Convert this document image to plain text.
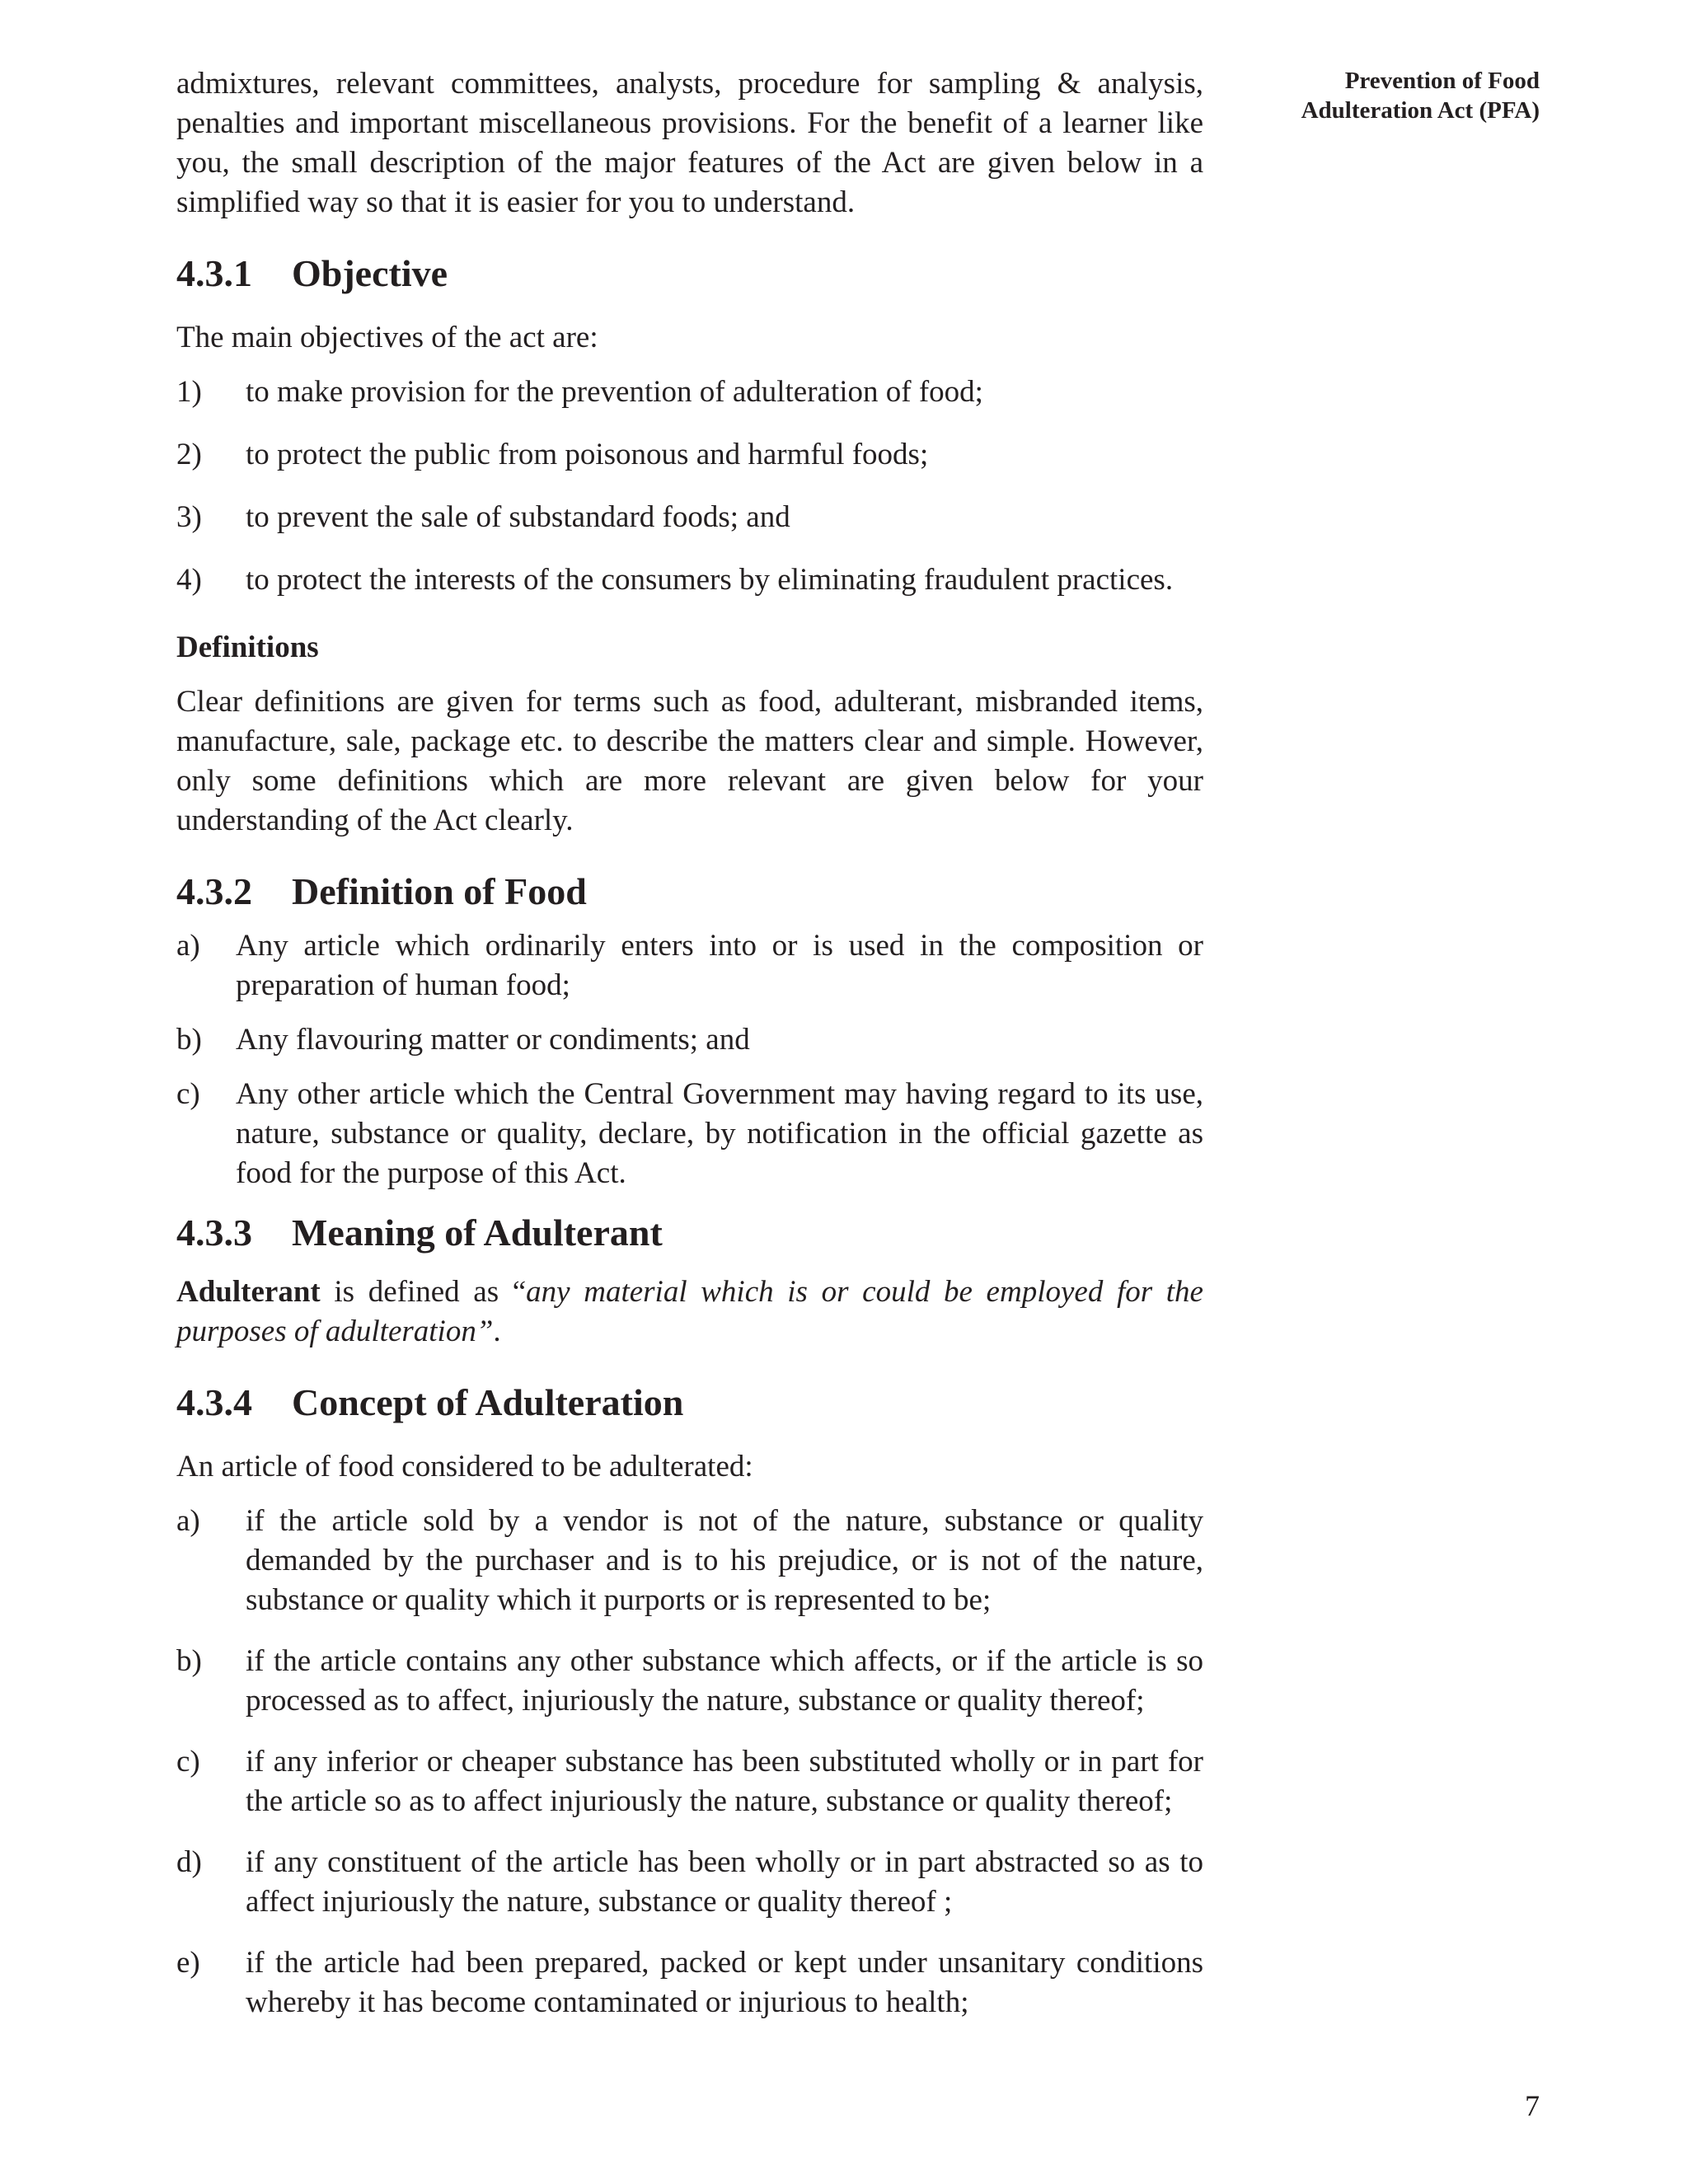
Prevention of Food
Adulteration Act (PFA)
7

admixtures, relevant committees, analysts, procedure for sampling & analysis, penalties and important miscellaneous provisions. For the benefit of a learner like you, the small description of the major features of the Act are given below in a simplified way so that it is easier for you to understand.

4.3.1 Objective

The main objectives of the act are:

1) to make provision for the prevention of adulteration of food;
2) to protect the public from poisonous and harmful foods;
3) to prevent the sale of substandard foods; and
4) to protect the interests of the consumers by eliminating fraudulent practices.
Definitions

Clear definitions are given for terms such as food, adulterant, misbranded items, manufacture, sale, package etc. to describe the matters clear and simple. However, only some definitions which are more relevant are given below for your understanding of the Act clearly.

4.3.2 Definition of Food
a) Any article which ordinarily enters into or is used in the composition or preparation of human food;
b) Any flavouring matter or condiments; and
c) Any other article which the Central Government may having regard to its use, nature, substance or quality, declare, by notification in the official gazette as food for the purpose of this Act.
4.3.3 Meaning of Adulterant

Adulterant is defined as “any material which is or could be employed for the purposes of adulteration”.

4.3.4 Concept of Adulteration

An article of food considered to be adulterated:

a) if the article sold by a vendor is not of the nature, substance or quality demanded by the purchaser and is to his prejudice, or is not of the nature, substance or quality which it purports or is represented to be;
b) if the article contains any other substance which affects, or if the article is so processed as to affect, injuriously the nature, substance or quality thereof;
c) if any inferior or cheaper substance has been substituted wholly or in part for the article so as to affect injuriously the nature, substance or quality thereof;
d) if any constituent of the article has been wholly or in part abstracted so as to affect injuriously the nature, substance or quality thereof ;
e) if the article had been prepared, packed or kept under unsanitary conditions whereby it has become contaminated or injurious to health;
